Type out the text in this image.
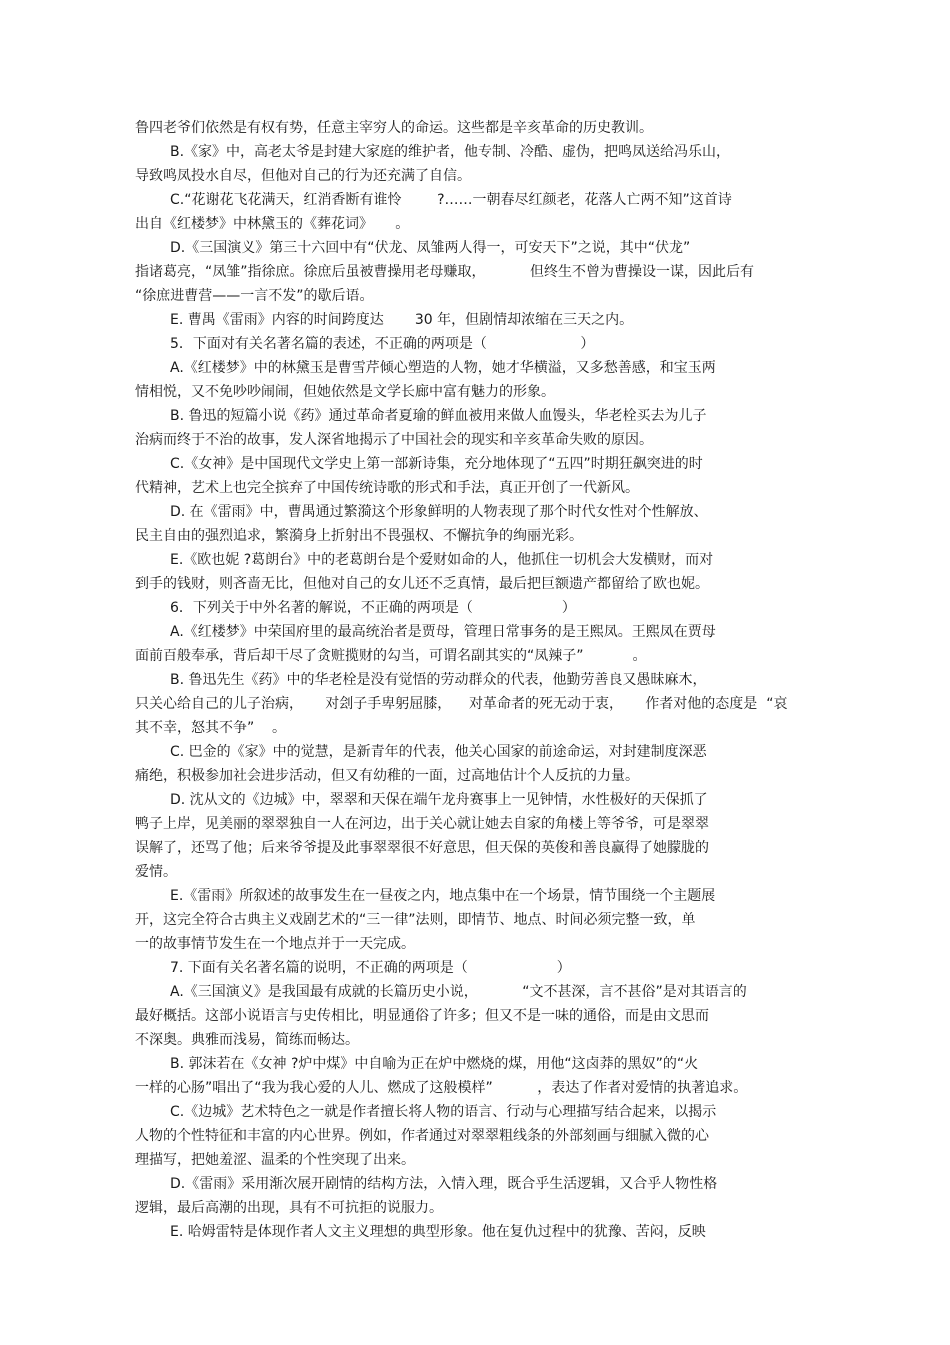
鲁四老爷们依然是有权有势，任意主宰穷人的命运。这些都是辛亥革命的历史教训。
B.《家》中，高老太爷是封建大家庭的维护者，他专制、冷酷、虚伪，把鸣凤送给冯乐山，
导致鸣凤投水自尽，但他对自己的行为还充满了自信。
C.“花谢花飞花满天，红消香断有谁怜        ?……一朝春尽红颜老，花落人亡两不知”这首诗
出自《红楼梦》中林黛玉的《葬花词》     。
D.《三国演义》第三十六回中有“伏龙、凤雏两人得一，可安天下”之说，其中“伏龙”
指诸葛亮，“凤雏”指徐庶。徐庶后虽被曹操用老母赚取，          但终生不曾为曹操设一谋，因此后有
“徐庶进曹营——一言不发”的歇后语。
E. 曹禺《雷雨》内容的时间跨度达       30 年，但剧情却浓缩在三天之内。
5．下面对有关名著名篇的表述，不正确的两项是（                     ）
A.《红楼梦》中的林黛玉是曹雪芹倾心塑造的人物，她才华横溢，又多愁善感，和宝玉两
情相悦，又不免吵吵闹闹，但她依然是文学长廊中富有魅力的形象。
B. 鲁迅的短篇小说《药》通过革命者夏瑜的鲜血被用来做人血馒头，华老栓买去为儿子
治病而终于不治的故事，发人深省地揭示了中国社会的现实和辛亥革命失败的原因。
C.《女神》是中国现代文学史上第一部新诗集，充分地体现了“五四”时期狂飙突进的时
代精神，艺术上也完全摈弃了中国传统诗歌的形式和手法，真正开创了一代新风。
D. 在《雷雨》中，曹禺通过繁漪这个形象鲜明的人物表现了那个时代女性对个性解放、
民主自由的强烈追求，繁漪身上折射出不畏强权、不懈抗争的绚丽光彩。
E.《欧也妮 ?葛朗台》中的老葛朗台是个爱财如命的人，他抓住一切机会大发横财，而对
到手的钱财，则吝啬无比，但他对自己的女儿还不乏真情，最后把巨额遗产都留给了欧也妮。
6．下列关于中外名著的解说，不正确的两项是（                    ）
A.《红楼梦》中荣国府里的最高统治者是贾母，管理日常事务的是王熙凤。王熙凤在贾母
面前百般奉承，背后却干尽了贪赃揽财的勾当，可谓名副其实的“凤辣子”           。
B. 鲁迅先生《药》中的华老栓是没有觉悟的劳动群众的代表，他勤劳善良又愚昧麻木，
只关心给自己的儿子治病，     对刽子手卑躬屈膝，    对革命者的死无动于衷，     作者对他的态度是  “哀
其不幸，怒其不争”    。
C. 巴金的《家》中的觉慧，是新青年的代表，他关心国家的前途命运，对封建制度深恶
痛绝，积极参加社会进步活动，但又有幼稚的一面，过高地估计个人反抗的力量。
D. 沈从文的《边城》中，翠翠和天保在端午龙舟赛事上一见钟情，水性极好的天保抓了
鸭子上岸，见美丽的翠翠独自一人在河边，出于关心就让她去自家的角楼上等爷爷，可是翠翠
误解了，还骂了他；后来爷爷提及此事翠翠很不好意思，但天保的英俊和善良赢得了她朦胧的
爱情。
E.《雷雨》所叙述的故事发生在一昼夜之内，地点集中在一个场景，情节围绕一个主题展
开，这完全符合古典主义戏剧艺术的“三一律”法则，即情节、地点、时间必须完整一致，单
一的故事情节发生在一个地点并于一天完成。
7. 下面有关名著名篇的说明，不正确的两项是（                    ）
A.《三国演义》是我国最有成就的长篇历史小说，          “文不甚深，言不甚俗”是对其语言的
最好概括。这部小说语言与史传相比，明显通俗了许多；但又不是一味的通俗，而是由文思而
不深奥。典雅而浅易，简练而畅达。
B. 郭沫若在《女神 ?炉中煤》中自喻为正在炉中燃烧的煤，用他“这卤莽的黑奴”的“火
一样的心肠”唱出了“我为我心爱的人儿、燃成了这般模样”          ，表达了作者对爱情的执著追求。
C.《边城》艺术特色之一就是作者擅长将人物的语言、行动与心理描写结合起来，以揭示
人物的个性特征和丰富的内心世界。例如，作者通过对翠翠粗线条的外部刻画与细腻入微的心
理描写，把她羞涩、温柔的个性突现了出来。
D.《雷雨》采用渐次展开剧情的结构方法，入情入理，既合乎生活逻辑，又合乎人物性格
逻辑，最后高潮的出现，具有不可抗拒的说服力。
E. 哈姆雷特是体现作者人文主义理想的典型形象。他在复仇过程中的犹豫、苦闷，反映
